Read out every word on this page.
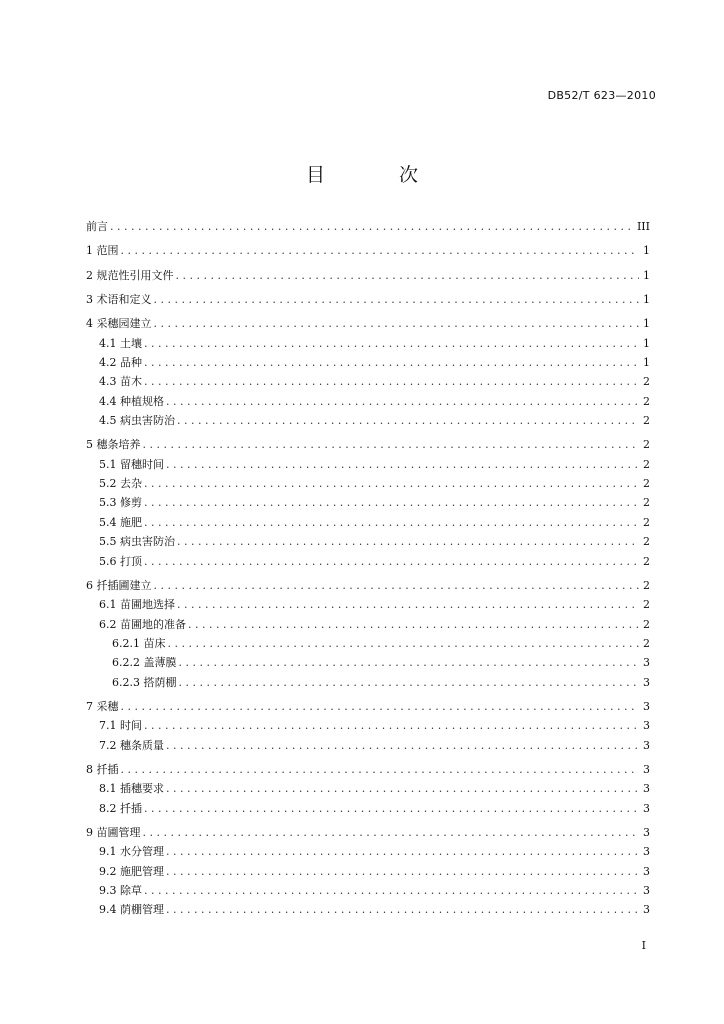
DB52/T 623—2010
目 次
前言 . . .	III
1 范围 . . .	1
2 规范性引用文件 . . .	1
3 术语和定义 . . .	1
4 采穗园建立 . . .	1
4.1 土壤 . . .	1
4.2 品种 . . .	1
4.3 苗木 . . .	2
4.4 种植规格 . . .	2
4.5 病虫害防治 . . .	2
5 穗条培养 . . .	2
5.1 留穗时间 . . .	2
5.2 去杂 . . .	2
5.3 修剪 . . .	2
5.4 施肥 . . .	2
5.5 病虫害防治 . . .	2
5.6 打顶 . . .	2
6 扦插圃建立 . . .	2
6.1 苗圃地选择 . . .	2
6.2 苗圃地的准备 . . .	2
6.2.1 苗床 . . .	2
6.2.2 盖薄膜 . . .	3
6.2.3 搭荫棚 . . .	3
7 采穗 . . .	3
7.1 时间 . . .	3
7.2 穗条质量 . . .	3
8 扦插 . . .	3
8.1 插穗要求 . . .	3
8.2 扦插 . . .	3
9 苗圃管理 . . .	3
9.1 水分管理 . . .	3
9.2 施肥管理 . . .	3
9.3 除草 . . .	3
9.4 荫棚管理 . . .	3
I
